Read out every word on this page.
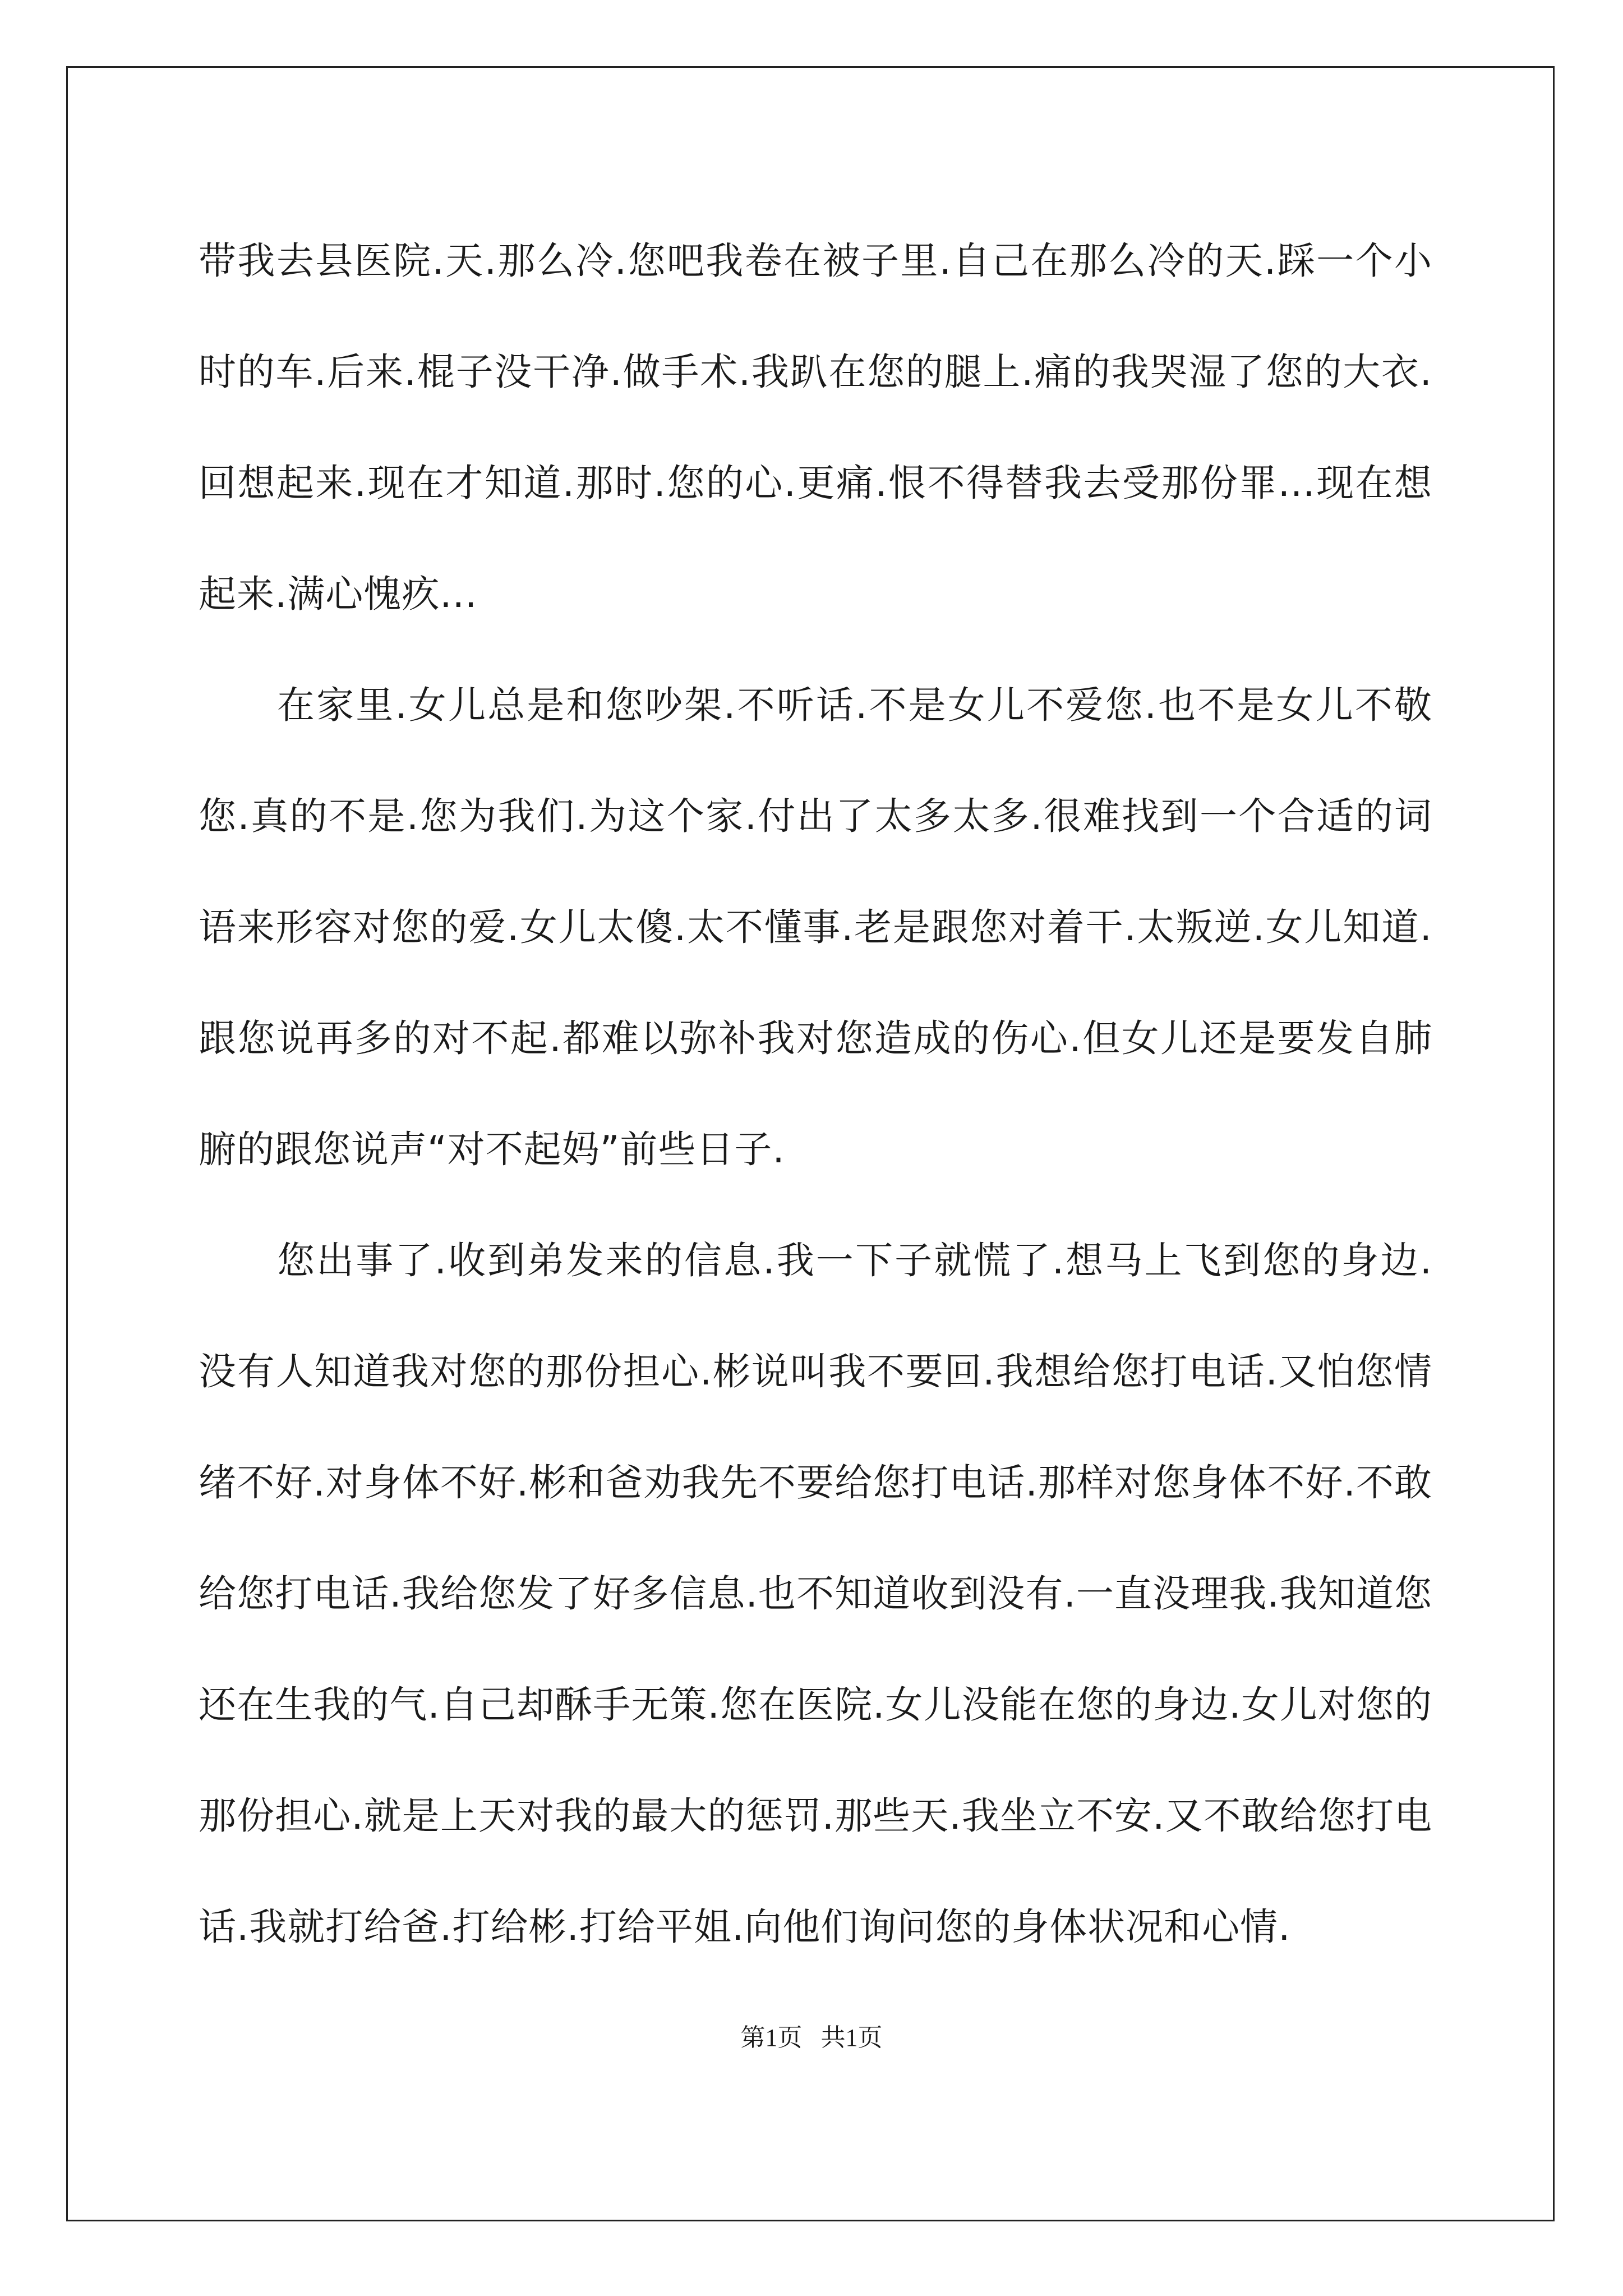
带我去县医院.天.那么冷.您吧我卷在被子里.自己在那么冷的天.踩一个小时的车.后来.棍子没干净.做手术.我趴在您的腿上.痛的我哭湿了您的大衣.回想起来.现在才知道.那时.您的心.更痛.恨不得替我去受那份罪...现在想起来.满心愧疚...

在家里.女儿总是和您吵架.不听话.不是女儿不爱您.也不是女儿不敬您.真的不是.您为我们.为这个家.付出了太多太多.很难找到一个合适的词语来形容对您的爱.女儿太傻.太不懂事.老是跟您对着干.太叛逆.女儿知道.跟您说再多的对不起.都难以弥补我对您造成的伤心.但女儿还是要发自肺腑的跟您说声“对不起妈”前些日子.

您出事了.收到弟发来的信息.我一下子就慌了.想马上飞到您的身边.没有人知道我对您的那份担心.彬说叫我不要回.我想给您打电话.又怕您情绪不好.对身体不好.彬和爸劝我先不要给您打电话.那样对您身体不好.不敢给您打电话.我给您发了好多信息.也不知道收到没有.一直没理我.我知道您还在生我的气.自己却酥手无策.您在医院.女儿没能在您的身边.女儿对您的那份担心.就是上天对我的最大的惩罚.那些天.我坐立不安.又不敢给您打电话.我就打给爸.打给彬.打给平姐.向他们询问您的身体状况和心情.

第1页 共1页
